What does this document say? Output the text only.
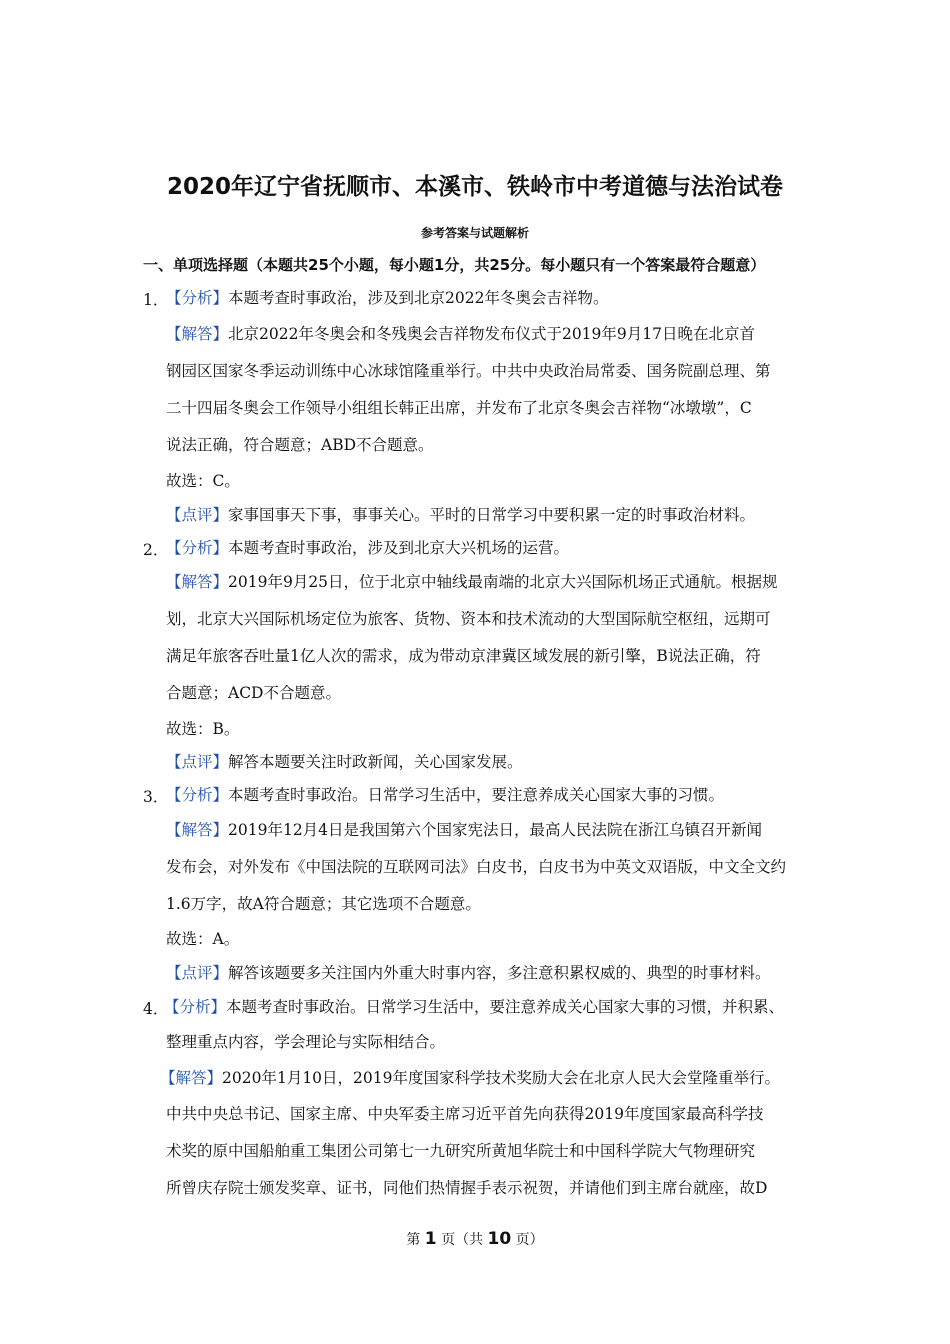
2020年辽宁省抚顺市、本溪市、铁岭市中考道德与法治试卷
参考答案与试题解析
一、单项选择题（本题共25个小题，每小题1分，共25分。每小题只有一个答案最符合题意）
1．
【分析】本题考查时事政治，涉及到北京2022年冬奥会吉祥物。
【解答】北京2022年冬奥会和冬残奥会吉祥物发布仪式于2019年9月17日晚在北京首
钢园区国家冬季运动训练中心冰球馆隆重举行。中共中央政治局常委、国务院副总理、第
二十四届冬奥会工作领导小组组长韩正出席，并发布了北京冬奥会吉祥物“冰墩墩”，C
说法正确，符合题意；ABD不合题意。
故选：C。
【点评】家事国事天下事，事事关心。平时的日常学习中要积累一定的时事政治材料。
2．
【分析】本题考查时事政治，涉及到北京大兴机场的运营。
【解答】2019年9月25日，位于北京中轴线最南端的北京大兴国际机场正式通航。根据规
划，北京大兴国际机场定位为旅客、货物、资本和技术流动的大型国际航空枢纽，远期可
满足年旅客吞吐量1亿人次的需求，成为带动京津冀区域发展的新引擎，B说法正确，符
合题意；ACD不合题意。
故选：B。
【点评】解答本题要关注时政新闻，关心国家发展。
3．
【分析】本题考查时事政治。日常学习生活中，要注意养成关心国家大事的习惯。
【解答】2019年12月4日是我国第六个国家宪法日，最高人民法院在浙江乌镇召开新闻
发布会，对外发布《中国法院的互联网司法》白皮书，白皮书为中英文双语版，中文全文约
1.6万字，故A符合题意；其它选项不合题意。
故选：A。
【点评】解答该题要多关注国内外重大时事内容，多注意积累权威的、典型的时事材料。
4．
【分析】本题考查时事政治。日常学习生活中，要注意养成关心国家大事的习惯，并积累、
整理重点内容，学会理论与实际相结合。
【解答】2020年1月10日，2019年度国家科学技术奖励大会在北京人民大会堂隆重举行。
中共中央总书记、国家主席、中央军委主席习近平首先向获得2019年度国家最高科学技
术奖的原中国船舶重工集团公司第七一九研究所黄旭华院士和中国科学院大气物理研究
所曾庆存院士颁发奖章、证书，同他们热情握手表示祝贺，并请他们到主席台就座，故D
第 1 页（共 10 页）
